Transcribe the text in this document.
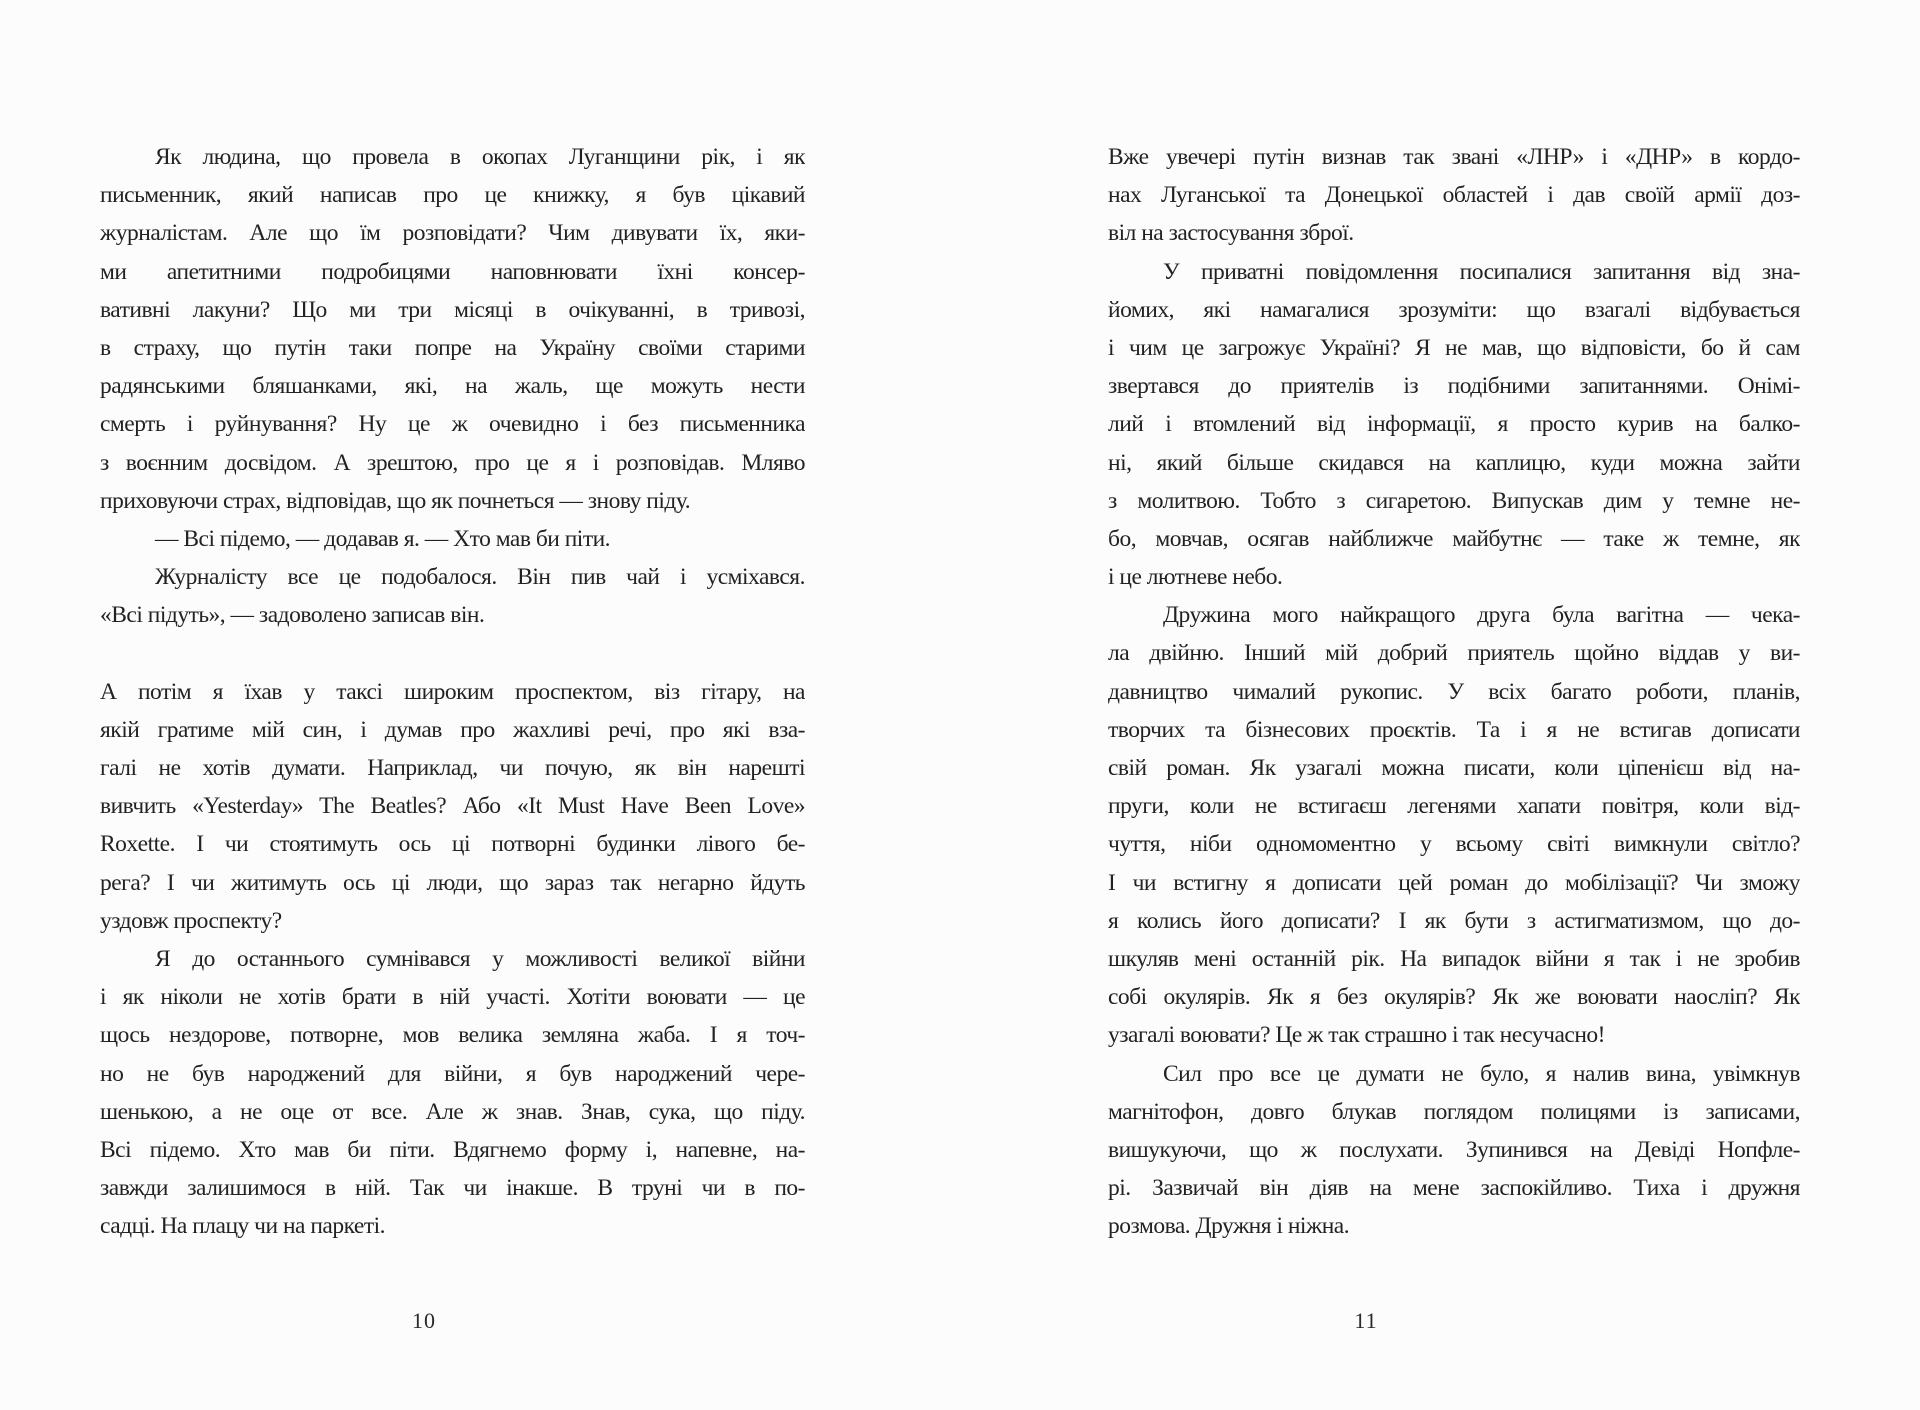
Як людина, що провела в окопах Луганщини рік, і як
письменник, який написав про це книжку, я був цікавий
журналістам. Але що їм розповідати? Чим дивувати їх, яки-
ми апетитними подробицями наповнювати їхні консер-
вативні лакуни? Що ми три місяці в очікуванні, в тривозі,
в страху, що путін таки попре на Україну своїми старими
радянськими бляшанками, які, на жаль, ще можуть нести
смерть і руйнування? Ну це ж очевидно і без письменника
з воєнним досвідом. А зрештою, про це я і розповідав. Мляво
приховуючи страх, відповідав, що як почнеться — знову піду.
— Всі підемо, — додавав я. — Хто мав би піти.
Журналісту все це подобалося. Він пив чай і усміхався.
«Всі підуть», — задоволено записав він.
А потім я їхав у таксі широким проспектом, віз гітару, на
якій гратиме мій син, і думав про жахливі речі, про які вза-
галі не хотів думати. Наприклад, чи почую, як він нарешті
вивчить «Yesterday» The Beatles? Або «It Must Have Been Love»
Roxette. І чи стоятимуть ось ці потворні будинки лівого бе-
рега? І чи житимуть ось ці люди, що зараз так негарно йдуть
уздовж проспекту?
Я до останнього сумнівався у можливості великої війни
і як ніколи не хотів брати в ній участі. Хотіти воювати — це
щось нездорове, потворне, мов велика земляна жаба. І я точ-
но не був народжений для війни, я був народжений чере-
шенькою, а не оце от все. Але ж знав. Знав, сука, що піду.
Всі підемо. Хто мав би піти. Вдягнемо форму і, напевне, на-
завжди залишимося в ній. Так чи інакше. В труні чи в по-
садці. На плацу чи на паркеті.
10
Вже увечері путін визнав так звані «ЛНР» і «ДНР» в кордо-
нах Луганської та Донецької областей і дав своїй армії доз-
віл на застосування зброї.
У приватні повідомлення посипалися запитання від зна-
йомих, які намагалися зрозуміти: що взагалі відбувається
і чим це загрожує Україні? Я не мав, що відповісти, бо й сам
звертався до приятелів із подібними запитаннями. Онімі-
лий і втомлений від інформації, я просто курив на балко-
ні, який більше скидався на каплицю, куди можна зайти
з молитвою. Тобто з сигаретою. Випускав дим у темне не-
бо, мовчав, осягав найближче майбутнє — таке ж темне, як
і це лютневе небо.
Дружина мого найкращого друга була вагітна — чека-
ла двійню. Інший мій добрий приятель щойно віддав у ви-
давництво чималий рукопис. У всіх багато роботи, планів,
творчих та бізнесових проєктів. Та і я не встигав дописати
свій роман. Як узагалі можна писати, коли ціпенієш від на-
пруги, коли не встигаєш легенями хапати повітря, коли від-
чуття, ніби одномоментно у всьому світі вимкнули світло?
І чи встигну я дописати цей роман до мобілізації? Чи зможу
я колись його дописати? І як бути з астигматизмом, що до-
шкуляв мені останній рік. На випадок війни я так і не зробив
собі окулярів. Як я без окулярів? Як же воювати наосліп? Як
узагалі воювати? Це ж так страшно і так несучасно!
Сил про все це думати не було, я налив вина, увімкнув
магнітофон, довго блукав поглядом полицями із записами,
вишукуючи, що ж послухати. Зупинився на Девіді Нопфле-
рі. Зазвичай він діяв на мене заспокійливо. Тиха і дружня
розмова. Дружня і ніжна.
11
